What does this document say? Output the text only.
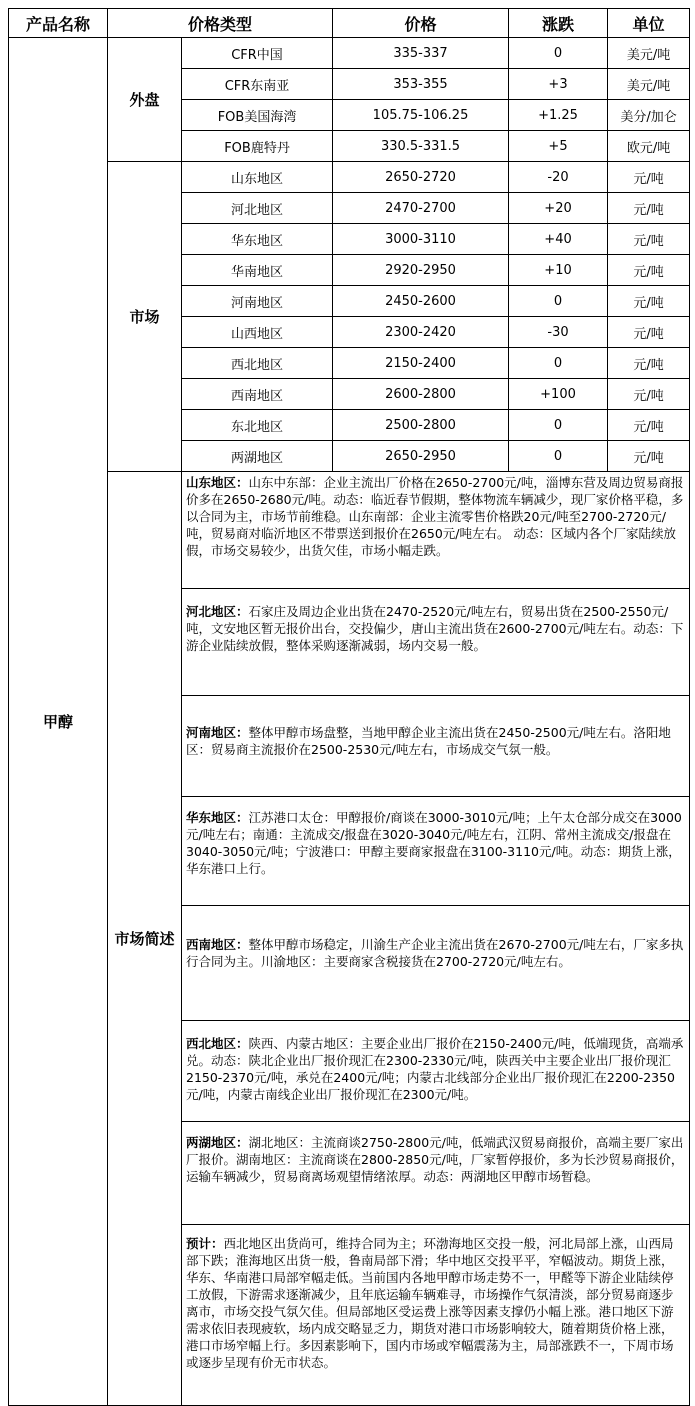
产品名称	价格类型		价格	涨跌	单位
甲醇	外盘	CFR中国	335-337	0	美元/吨
		CFR东南亚	353-355	+3	美元/吨
		FOB美国海湾	105.75-106.25	+1.25	美分/加仑
		FOB鹿特丹	330.5-331.5	+5	欧元/吨
	市场	山东地区	2650-2720	-20	元/吨
		河北地区	2470-2700	+20	元/吨
		华东地区	3000-3110	+40	元/吨
		华南地区	2920-2950	+10	元/吨
		河南地区	2450-2600	0	元/吨
		山西地区	2300-2420	-30	元/吨
		西北地区	2150-2400	0	元/吨
		西南地区	2600-2800	+100	元/吨
		东北地区	2500-2800	0	元/吨
		两湖地区	2650-2950	0	元/吨
	市场简述	山东地区：山东中东部：企业主流出厂价格在2650-2700元/吨，淄博东营及周边贸易商报价多在2650-2680元/吨。动态：临近春节假期，整体物流车辆减少，现厂家价格平稳，多以合同为主，市场节前维稳。山东南部：企业主流零售价格跌20元/吨至2700-2720元/吨，贸易商对临沂地区不带票送到报价在2650元/吨左右。 动态：区域内各个厂家陆续放假，市场交易较少，出货欠佳，市场小幅走跌。			
		河北地区：石家庄及周边企业出货在2470-2520元/吨左右，贸易出货在2500-2550元/吨，文安地区暂无报价出台，交投偏少，唐山主流出货在2600-2700元/吨左右。动态：下游企业陆续放假，整体采购逐渐减弱，场内交易一般。			
		河南地区：整体甲醇市场盘整，当地甲醇企业主流出货在2450-2500元/吨左右。洛阳地区：贸易商主流报价在2500-2530元/吨左右，市场成交气氛一般。			
		华东地区：江苏港口太仓：甲醇报价/商谈在3000-3010元/吨；上午太仓部分成交在3000元/吨左右；南通：主流成交/报盘在3020-3040元/吨左右，江阴、常州主流成交/报盘在3040-3050元/吨；宁波港口：甲醇主要商家报盘在3100-3110元/吨。动态：期货上涨，华东港口上行。			
		西南地区：整体甲醇市场稳定，川渝生产企业主流出货在2670-2700元/吨左右，厂家多执行合同为主。川渝地区：主要商家含税接货在2700-2720元/吨左右。			
		西北地区：陕西、内蒙古地区：主要企业出厂报价在2150-2400元/吨，低端现货，高端承兑。动态：陕北企业出厂报价现汇在2300-2330元/吨，陕西关中主要企业出厂报价现汇2150-2370元/吨，承兑在2400元/吨；内蒙古北线部分企业出厂报价现汇在2200-2350元/吨，内蒙古南线企业出厂报价现汇在2300元/吨。			
		两湖地区：湖北地区：主流商谈2750-2800元/吨，低端武汉贸易商报价，高端主要厂家出厂报价。湖南地区：主流商谈在2800-2850元/吨，厂家暂停报价，多为长沙贸易商报价，运输车辆减少，贸易商离场观望情绪浓厚。动态：两湖地区甲醇市场暂稳。			
		预计：西北地区出货尚可，维持合同为主；环渤海地区交投一般，河北局部上涨，山西局部下跌；淮海地区出货一般，鲁南局部下滑；华中地区交投平平，窄幅波动。期货上涨，华东、华南港口局部窄幅走低。当前国内各地甲醇市场走势不一，甲醛等下游企业陆续停工放假，下游需求逐渐减少，且年底运输车辆难寻，市场操作气氛清淡，部分贸易商逐步离市，市场交投气氛欠佳。但局部地区受运费上涨等因素支撑仍小幅上涨。港口地区下游需求依旧表现疲软，场内成交略显乏力，期货对港口市场影响较大，随着期货价格上涨，港口市场窄幅上行。多因素影响下，国内市场或窄幅震荡为主，局部涨跌不一，下周市场或逐步呈现有价无市状态。			
